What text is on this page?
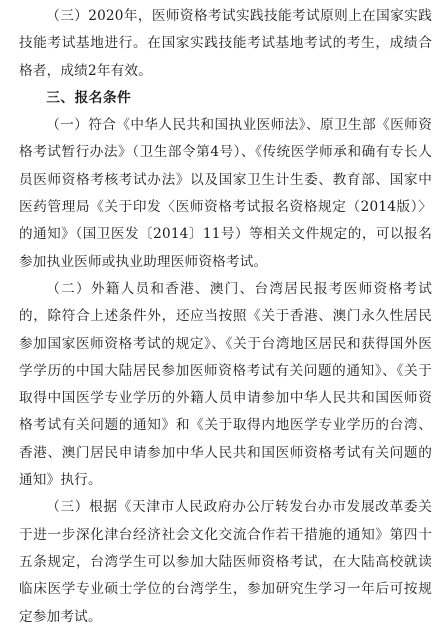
（三）2020年，医师资格考试实践技能考试原则上在国家实践技能考试基地进行。在国家实践技能考试基地考试的考生，成绩合格者，成绩2年有效。

三、报名条件

（一）符合《中华人民共和国执业医师法》、原卫生部《医师资格考试暂行办法》（卫生部令第4号）、《传统医学师承和确有专长人员医师资格考核考试办法》以及国家卫生计生委、教育部、国家中医药管理局《关于印发〈医师资格考试报名资格规定（2014版）〉的通知》（国卫医发〔2014〕11号）等相关文件规定的，可以报名参加执业医师或执业助理医师资格考试。

（二）外籍人员和香港、澳门、台湾居民报考医师资格考试的，除符合上述条件外，还应当按照《关于香港、澳门永久性居民参加国家医师资格考试的规定》、《关于台湾地区居民和获得国外医学学历的中国大陆居民参加医师资格考试有关问题的通知》、《关于取得中国医学专业学历的外籍人员申请参加中华人民共和国医师资格考试有关问题的通知》和《关于取得内地医学专业学历的台湾、香港、澳门居民申请参加中华人民共和国医师资格考试有关问题的通知》执行。

（三）根据《天津市人民政府办公厅转发台办市发展改革委关于进一步深化津台经济社会文化交流合作若干措施的通知》第四十五条规定，台湾学生可以参加大陆医师资格考试，在大陆高校就读临床医学专业硕士学位的台湾学生，参加研究生学习一年后可按规定参加考试。
